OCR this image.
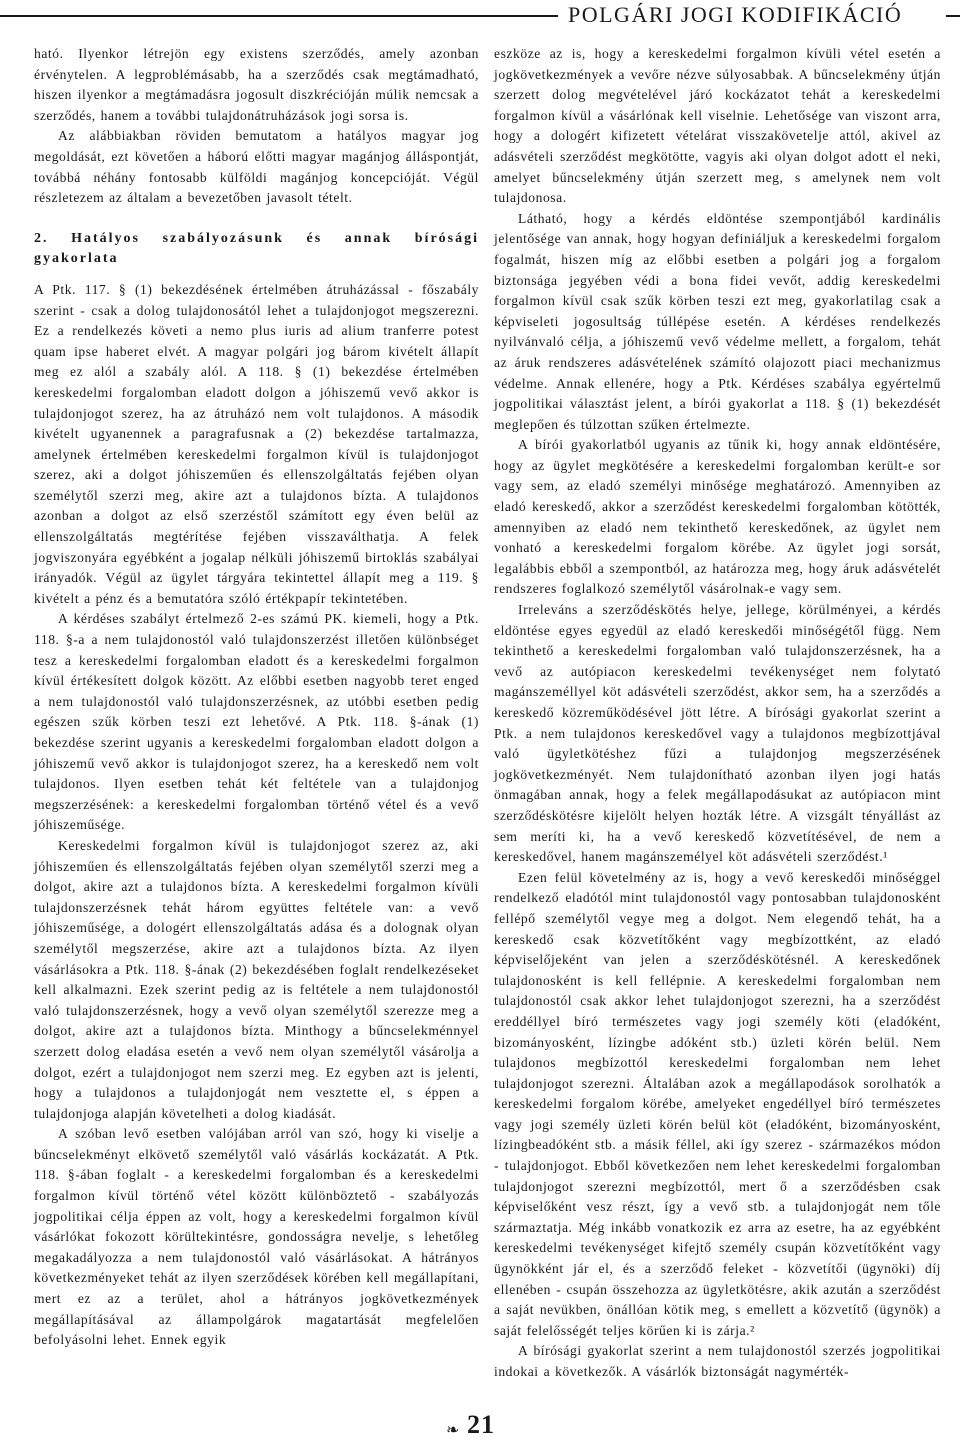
POLGÁRI JOGI KODIFIKÁCIÓ

ható. Ilyenkor létrejön egy existens szerződés, amely azonban érvénytelen. A legproblémásabb, ha a szerződés csak megtámadható, hiszen ilyenkor a megtámadásra jogosult diszkrécióján múlik nemcsak a szerződés, hanem a további tulajdonátruházások jogi sorsa is.

Az alábbiakban röviden bemutatom a hatályos magyar jog megoldását, ezt követően a háború előtti magyar magánjog álláspontját, továbbá néhány fontosabb külföldi magánjog koncepcióját. Végül részletezem az általam a bevezetőben javasolt tételt.

2. Hatályos szabályozásunk és annak bírósági gyakorlata

A Ptk. 117. § (1) bekezdésének értelmében átruházással - főszabály szerint - csak a dolog tulajdonosától lehet a tulajdonjogot megszerezni. Ez a rendelkezés követi a nemo plus iuris ad alium tranferre potest quam ipse haberet elvét. A magyar polgári jog bárom kivételt állapít meg ez alól a szabály alól. A 118. § (1) bekezdése értelmében kereskedelmi forgalomban eladott dolgon a jóhiszemű vevő akkor is tulajdonjogot szerez, ha az átruházó nem volt tulajdonos. A második kivételt ugyanennek a paragrafusnak a (2) bekezdése tartalmazza, amelynek értelmében kereskedelmi forgalmon kívül is tulajdonjogot szerez, aki a dolgot jóhiszeműen és ellenszolgáltatás fejében olyan személytől szerzi meg, akire azt a tulajdonos bízta. A tulajdonos azonban a dolgot az első szerzéstől számított egy éven belül az ellenszolgáltatás megtérítése fejében visszaválthatja. A felek jogviszonyára egyébként a jogalap nélküli jóhiszemű birtoklás szabályai irányadók. Végül az ügylet tárgyára tekintettel állapít meg a 119. § kivételt a pénz és a bemutatóra szóló értékpapír tekintetében.

A kérdéses szabályt értelmező 2-es számú PK. kiemeli, hogy a Ptk. 118. §-a a nem tulajdonostól való tulajdonszerzést illetően különbséget tesz a kereskedelmi forgalomban eladott és a kereskedelmi forgalmon kívül értékesített dolgok között. Az előbbi esetben nagyobb teret enged a nem tulajdonostól való tulajdonszerzésnek, az utóbbi esetben pedig egészen szűk körben teszi ezt lehetővé. A Ptk. 118. §-ának (1) bekezdése szerint ugyanis a kereskedelmi forgalomban eladott dolgon a jóhiszemű vevő akkor is tulajdonjogot szerez, ha a kereskedő nem volt tulajdonos. Ilyen esetben tehát két feltétele van a tulajdonjog megszerzésének: a kereskedelmi forgalomban történő vétel és a vevő jóhiszeműsége.

Kereskedelmi forgalmon kívül is tulajdonjogot szerez az, aki jóhiszeműen és ellenszolgáltatás fejében olyan személytől szerzi meg a dolgot, akire azt a tulajdonos bízta. A kereskedelmi forgalmon kívüli tulajdonszerzésnek tehát három együttes feltétele van: a vevő jóhiszeműsége, a dologért ellenszolgáltatás adása és a dolognak olyan személytől megszerzése, akire azt a tulajdonos bízta. Az ilyen vásárlásokra a Ptk. 118. §-ának (2) bekezdésében foglalt rendelkezéseket kell alkalmazni. Ezek szerint pedig az is feltétele a nem tulajdonostól való tulajdonszerzésnek, hogy a vevő olyan személytől szerezze meg a dolgot, akire azt a tulajdonos bízta. Minthogy a bűncselekménnyel szerzett dolog eladása esetén a vevő nem olyan személytől vásárolja a dolgot, ezért a tulajdonjogot nem szerzi meg. Ez egyben azt is jelenti, hogy a tulajdonos a tulajdonjogát nem vesztette el, s éppen a tulajdonjoga alapján követelheti a dolog kiadását.

A szóban levő esetben valójában arról van szó, hogy ki viselje a bűncselekményt elkövető személytől való vásárlás kockázatát. A Ptk. 118. §-ában foglalt - a kereskedelmi forgalomban és a kereskedelmi forgalmon kívül történő vétel között különböztető - szabályozás jogpolitikai célja éppen az volt, hogy a kereskedelmi forgalmon kívül vásárlókat fokozott körültekintésre, gondosságra nevelje, s lehetőleg megakadályozza a nem tulajdonostól való vásárlásokat. A hátrányos következményeket tehát az ilyen szerződések körében kell megállapítani, mert ez az a terület, ahol a hátrányos jogkövetkezmények megállapításával az állampolgárok magatartását megfelelően befolyásolni lehet. Ennek egyik

eszköze az is, hogy a kereskedelmi forgalmon kívüli vétel esetén a jogkövetkezmények a vevőre nézve súlyosabbak. A bűncselekmény útján szerzett dolog megvételével járó kockázatot tehát a kereskedelmi forgalmon kívül a vásárlónak kell viselnie. Lehetősége van viszont arra, hogy a dologért kifizetett vételárat visszakövetelje attól, akivel az adásvételi szerződést megkötötte, vagyis aki olyan dolgot adott el neki, amelyet bűncselekmény útján szerzett meg, s amelynek nem volt tulajdonosa.

Látható, hogy a kérdés eldöntése szempontjából kardinális jelentősége van annak, hogy hogyan definiáljuk a kereskedelmi forgalom fogalmát, hiszen míg az előbbi esetben a polgári jog a forgalom biztonsága jegyében védi a bona fidei vevőt, addig kereskedelmi forgalmon kívül csak szűk körben teszi ezt meg, gyakorlatilag csak a képviseleti jogosultság túllépése esetén. A kérdéses rendelkezés nyilvánvaló célja, a jóhiszemű vevő védelme mellett, a forgalom, tehát az áruk rendszeres adásvételének számító olajozott piaci mechanizmus védelme. Annak ellenére, hogy a Ptk. Kérdéses szabálya egyértelmű jogpolitikai választást jelent, a bírói gyakorlat a 118. § (1) bekezdését meglepően és túlzottan szűken értelmezte.

A bírói gyakorlatból ugyanis az tűnik ki, hogy annak eldöntésére, hogy az ügylet megkötésére a kereskedelmi forgalomban került-e sor vagy sem, az eladó személyi minősége meghatározó. Amennyiben az eladó kereskedő, akkor a szerződést kereskedelmi forgalomban kötötték, amennyiben az eladó nem tekinthető kereskedőnek, az ügylet nem vonható a kereskedelmi forgalom körébe. Az ügylet jogi sorsát, legalábbis ebből a szempontból, az határozza meg, hogy áruk adásvételét rendszeres foglalkozó személytől vásárolnak-e vagy sem.

Irreleváns a szerződéskötés helye, jellege, körülményei, a kérdés eldöntése egyes egyedül az eladó kereskedői minőségétől függ. Nem tekinthető a kereskedelmi forgalomban való tulajdonszerzésnek, ha a vevő az autópiacon kereskedelmi tevékenységet nem folytató magánszeméllyel köt adásvételi szerződést, akkor sem, ha a szerződés a kereskedő közreműködésével jött létre. A bírósági gyakorlat szerint a Ptk. a nem tulajdonos kereskedővel vagy a tulajdonos megbízottjával való ügyletkötéshez fűzi a tulajdonjog megszerzésének jogkövetkezményét. Nem tulajdonítható azonban ilyen jogi hatás önmagában annak, hogy a felek megállapodásukat az autópiacon mint szerződéskötésre kijelölt helyen hozták létre. A vizsgált tényállást az sem meríti ki, ha a vevő kereskedő közvetítésével, de nem a kereskedővel, hanem magánszemélyel köt adásvételi szerződést.¹

Ezen felül követelmény az is, hogy a vevő kereskedői minőséggel rendelkező eladótól mint tulajdonostól vagy pontosabban tulajdonosként fellépő személytől vegye meg a dolgot. Nem elegendő tehát, ha a kereskedő csak közvetítőként vagy megbízottként, az eladó képviselőjeként van jelen a szerződéskötésnél. A kereskedőnek tulajdonosként is kell fellépnie. A kereskedelmi forgalomban nem tulajdonostól csak akkor lehet tulajdonjogot szerezni, ha a szerződést ereddéllyel bíró természetes vagy jogi személy köti (eladóként, bizományosként, lízingbe adóként stb.) üzleti körén belül. Nem tulajdonos megbízottól kereskedelmi forgalomban nem lehet tulajdonjogot szerezni. Általában azok a megállapodások sorolhatók a kereskedelmi forgalom körébe, amelyeket engedéllyel bíró természetes vagy jogi személy üzleti körén belül köt (eladóként, bizományosként, lízingbeadóként stb. a másik féllel, aki így szerez - származékos módon - tulajdonjogot. Ebből következően nem lehet kereskedelmi forgalomban tulajdonjogot szerezni megbízottól, mert ő a szerződésben csak képviselőként vesz részt, így a vevő stb. a tulajdonjogát nem tőle származtatja. Még inkább vonatkozik ez arra az esetre, ha az egyébként kereskedelmi tevékenységet kifejtő személy csupán közvetítőként vagy ügynökként jár el, és a szerződő feleket - közvetítői (ügynöki) díj ellenében - csupán összehozza az ügyletkötésre, akik azután a szerződést a saját nevükben, önállóan kötik meg, s emellett a közvetítő (ügynök) a saját felelősségét teljes körűen ki is zárja.²

A bírósági gyakorlat szerint a nem tulajdonostól szerzés jogpolitikai indokai a következők. A vásárlók biztonságát nagymérték-

❧ 21
